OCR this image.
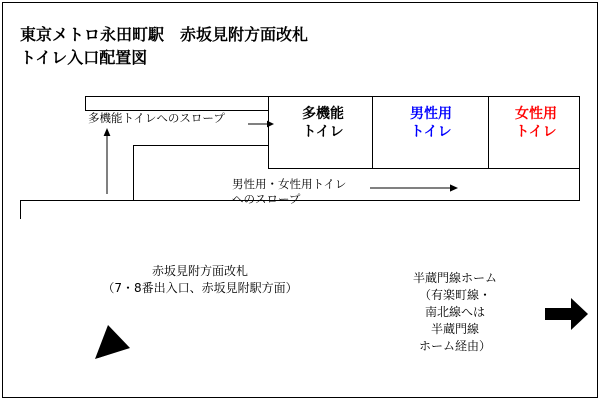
東京メトロ永田町駅　赤坂見附方面改札
トイレ入口配置図
多機能
トイレ
男性用
トイレ
女性用
トイレ
多機能トイレへのスロープ
男性用・女性用トイレ
へのスロープ
赤坂見附方面改札
（7・8番出入口、赤坂見附駅方面）
半蔵門線ホーム
（有楽町線・
南北線へは
半蔵門線
ホーム経由）
